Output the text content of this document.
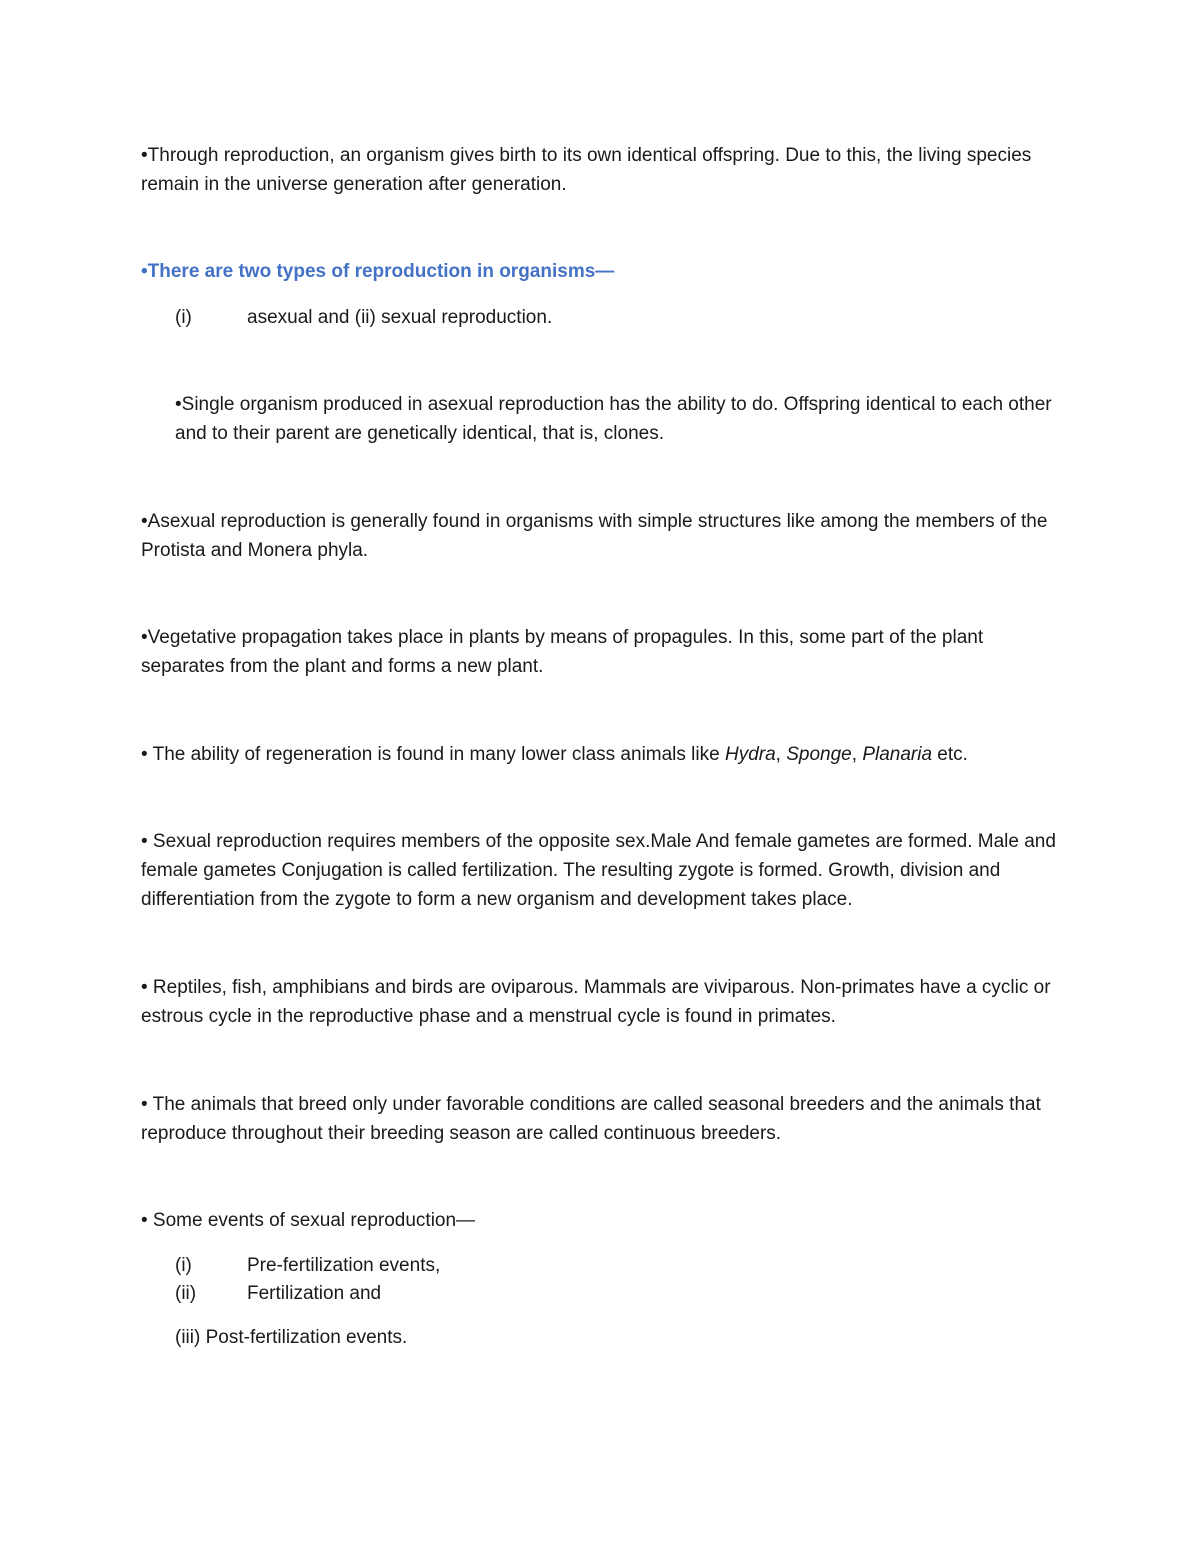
•Through reproduction, an organism gives birth to its own identical offspring. Due to this, the living species remain in the universe generation after generation.

•There are two types of reproduction in organisms—

(i)	asexual and (ii) sexual reproduction.

•Single organism produced in asexual reproduction has the ability to do. Offspring identical to each other and to their parent are genetically identical, that is, clones.

•Asexual reproduction is generally found in organisms with simple structures like among the members of the Protista and Monera phyla.

•Vegetative propagation takes place in plants by means of propagules. In this, some part of the plant separates from the plant and forms a new plant.

• The ability of regeneration is found in many lower class animals like Hydra, Sponge, Planaria etc.

• Sexual reproduction requires members of the opposite sex.Male And female gametes are formed. Male and female gametes Conjugation is called fertilization. The resulting zygote is formed. Growth, division and differentiation from the zygote to form a new organism and development takes place.

• Reptiles, fish, amphibians and birds are oviparous. Mammals are viviparous. Non-primates have a cyclic or estrous cycle in the reproductive phase and a menstrual cycle is found in primates.

• The animals that breed only under favorable conditions are called seasonal breeders and the animals that reproduce throughout their breeding season are called continuous breeders.

• Some events of sexual reproduction—

(i)	Pre-fertilization events,
(ii)	Fertilization and
(iii) Post-fertilization events.
